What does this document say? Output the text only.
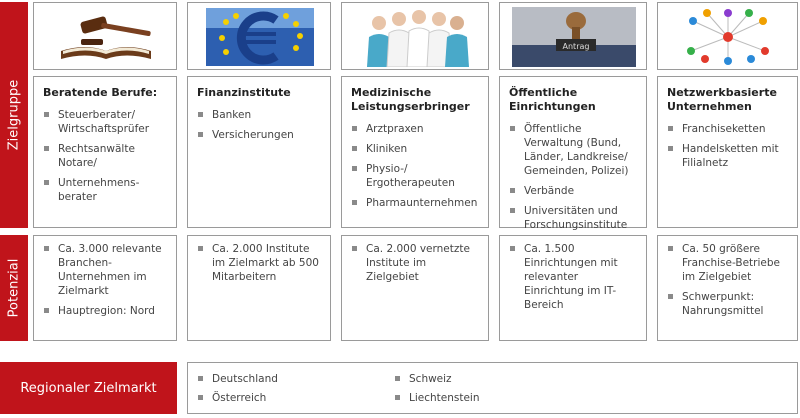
Zielgruppe
Potenzial
Beratende Berufe:
Steuerberater/ Wirtschaftsprüfer
Rechtsanwälte Notare/
Unternehmens-berater
Ca. 3.000 relevante Branchen-Unternehmen im Zielmarkt
Hauptregion: Nord
Finanzinstitute
Banken
Versicherungen
Ca. 2.000 Institute im Zielmarkt ab 500 Mitarbeitern
Medizinische Leistungserbringer
Arztpraxen
Kliniken
Physio-/ Ergotherapeuten
Pharmaunternehmen
Ca. 2.000 vernetzte Institute im Zielgebiet
Antrag
Öffentliche Einrichtungen
Öffentliche Verwaltung (Bund, Länder, Landkreise/ Gemeinden, Polizei)
Verbände
Universitäten und Forschungsinstitute
Ca. 1.500 Einrichtungen mit relevanter Einrichtung im IT-Bereich
Netzwerkbasierte Unternehmen
Franchiseketten
Handelsketten mit Filialnetz
Ca. 50 größere Franchise-Betriebe im Zielgebiet
Schwerpunkt: Nahrungsmittel
Regionaler Zielmarkt
Deutschland
Österreich
Schweiz
Liechtenstein
